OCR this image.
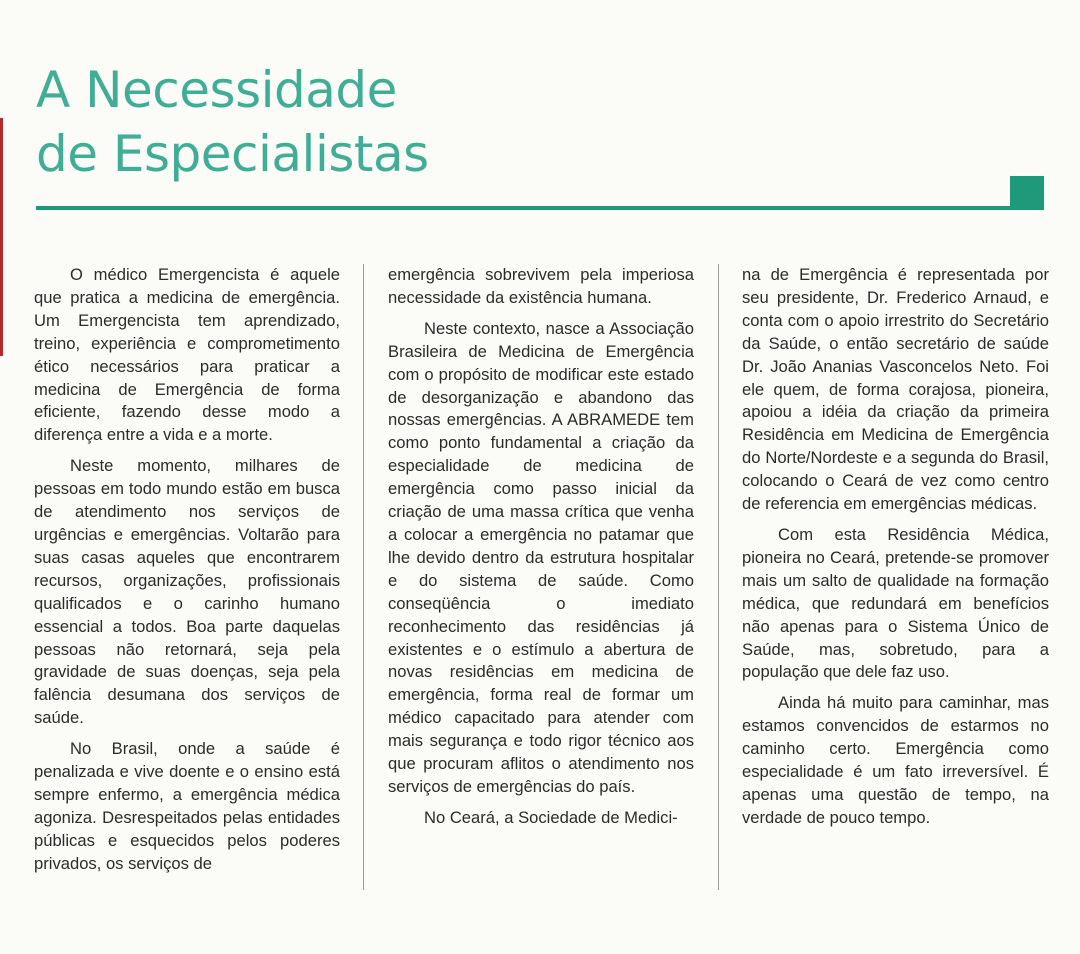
A Necessidade
de Especialistas

O médico Emergencista é aquele que pratica a medicina de emergência. Um Emergencista tem aprendizado, treino, experiência e comprometimento ético necessários para praticar a medicina de Emergência de forma eficiente, fazendo desse modo a diferença entre a vida e a morte.

Neste momento, milhares de pessoas em todo mundo estão em busca de atendimento nos serviços de urgências e emergências. Voltarão para suas casas aqueles que encontrarem recursos, organizações, profissionais qualificados e o carinho humano essencial a todos. Boa parte daquelas pessoas não retornará, seja pela gravidade de suas doenças, seja pela falência desumana dos serviços de saúde.

No Brasil, onde a saúde é penalizada e vive doente e o ensino está sempre enfermo, a emergência médica agoniza. Desrespeitados pelas entidades públicas e esquecidos pelos poderes privados, os serviços de

emergência sobrevivem pela imperiosa necessidade da existência humana.

Neste contexto, nasce a Associação Brasileira de Medicina de Emergência com o propósito de modificar este estado de desorganização e abandono das nossas emergências. A ABRAMEDE tem como ponto fundamental a criação da especialidade de medicina de emergência como passo inicial da criação de uma massa crítica que venha a colocar a emergência no patamar que lhe devido dentro da estrutura hospitalar e do sistema de saúde. Como conseqüência o imediato reconhecimento das residências já existentes e o estímulo a abertura de novas residências em medicina de emergência, forma real de formar um médico capacitado para atender com mais segurança e todo rigor técnico aos que procuram aflitos o atendimento nos serviços de emergências do país.

No Ceará, a Sociedade de Medici-

na de Emergência é representada por seu presidente, Dr. Frederico Arnaud, e conta com o apoio irrestrito do Secretário da Saúde, o então secretário de saúde Dr. João Ananias Vasconcelos Neto. Foi ele quem, de forma corajosa, pioneira, apoiou a idéia da criação da primeira Residência em Medicina de Emergência do Norte/Nordeste e a segunda do Brasil, colocando o Ceará de vez como centro de referencia em emergências médicas.

Com esta Residência Médica, pioneira no Ceará, pretende-se promover mais um salto de qualidade na formação médica, que redundará em benefícios não apenas para o Sistema Único de Saúde, mas, sobretudo, para a população que dele faz uso.

Ainda há muito para caminhar, mas estamos convencidos de estarmos no caminho certo. Emergência como especialidade é um fato irreversível. É apenas uma questão de tempo, na verdade de pouco tempo.
